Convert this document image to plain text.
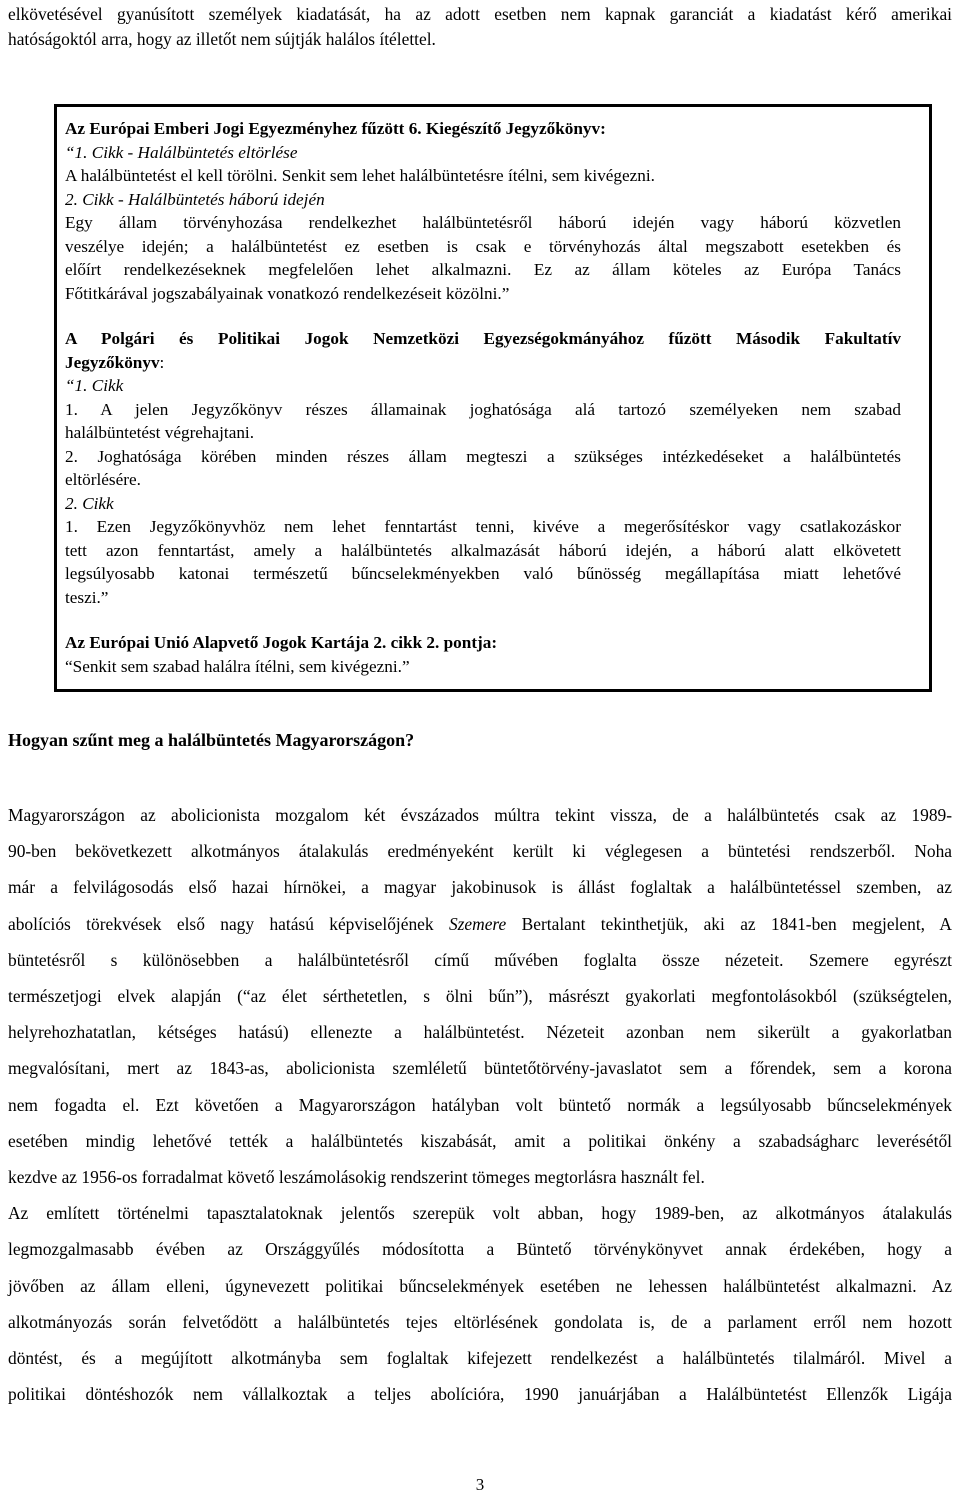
elkövetésével gyanúsított személyek kiadatását, ha az adott esetben nem kapnak garanciát a kiadatást kérő amerikai
hatóságoktól arra, hogy az illetőt nem sújtják halálos ítélettel.

Az Európai Emberi Jogi Egyezményhez fűzött 6. Kiegészítő Jegyzőkönyv:

“1. Cikk - Halálbüntetés eltörlése

A halálbüntetést el kell törölni. Senkit sem lehet halálbüntetésre ítélni, sem kivégezni.

2. Cikk - Halálbüntetés háború idején

Egy állam törvényhozása rendelkezhet halálbüntetésről háború idején vagy háború közvetlen

veszélye idején; a halálbüntetést ez esetben is csak e törvényhozás által megszabott esetekben és

előírt rendelkezéseknek megfelelően lehet alkalmazni. Ez az állam köteles az Európa Tanács

Főtitkárával jogszabályainak vonatkozó rendelkezéseit közölni.”

A Polgári és Politikai Jogok Nemzetközi Egyezségokmányához fűzött Második Fakultatív

Jegyzőkönyv:

“1. Cikk

1. A jelen Jegyzőkönyv részes államainak joghatósága alá tartozó személyeken nem szabad

halálbüntetést végrehajtani.

2. Joghatósága körében minden részes állam megteszi a szükséges intézkedéseket a halálbüntetés

eltörlésére.

2. Cikk

1. Ezen Jegyzőkönyvhöz nem lehet fenntartást tenni, kivéve a megerősítéskor vagy csatlakozáskor

tett azon fenntartást, amely a halálbüntetés alkalmazását háború idején, a háború alatt elkövetett

legsúlyosabb katonai természetű bűncselekményekben való bűnösség megállapítása miatt lehetővé

teszi.”

Az Európai Unió Alapvető Jogok Kartája 2. cikk 2. pontja:

“Senkit sem szabad halálra ítélni, sem kivégezni.”

Hogyan szűnt meg a halálbüntetés Magyarországon?

Magyarországon az abolicionista mozgalom két évszázados múltra tekint vissza, de a halálbüntetés csak az 1989-
90-ben bekövetkezett alkotmányos átalakulás eredményeként került ki véglegesen a büntetési rendszerből. Noha
már a felvilágosodás első hazai hírnökei, a magyar jakobinusok is állást foglaltak a halálbüntetéssel szemben, az
abolíciós törekvések első nagy hatású képviselőjének Szemere Bertalant tekinthetjük, aki az 1841-ben megjelent, A
büntetésről s különösebben a halálbüntetésről című művében foglalta össze nézeteit. Szemere egyrészt
természetjogi elvek alapján (“az élet sérthetetlen, s ölni bűn”), másrészt gyakorlati megfontolásokból (szükségtelen,
helyrehozhatatlan, kétséges hatású) ellenezte a halálbüntetést. Nézeteit azonban nem sikerült a gyakorlatban
megvalósítani, mert az 1843-as, abolicionista szemléletű büntetőtörvény-javaslatot sem a főrendek, sem a korona
nem fogadta el. Ezt követően a Magyarországon hatályban volt büntető normák a legsúlyosabb bűncselekmények
esetében mindig lehetővé tették a halálbüntetés kiszabását, amit a politikai önkény a szabadságharc leverésétől
kezdve az 1956-os forradalmat követő leszámolásokig rendszerint tömeges megtorlásra használt fel.

Az említett történelmi tapasztalatoknak jelentős szerepük volt abban, hogy 1989-ben, az alkotmányos átalakulás
legmozgalmasabb évében az Országgyűlés módosította a Büntető törvénykönyvet annak érdekében, hogy a
jövőben az állam elleni, úgynevezett politikai bűncselekmények esetében ne lehessen halálbüntetést alkalmazni. Az
alkotmányozás során felvetődött a halálbüntetés tejes eltörlésének gondolata is, de a parlament erről nem hozott
döntést, és a megújított alkotmányba sem foglaltak kifejezett rendelkezést a halálbüntetés tilalmáról. Mivel a
politikai döntéshozók nem vállalkoztak a teljes abolícióra, 1990 januárjában a Halálbüntetést Ellenzők Ligája

3
